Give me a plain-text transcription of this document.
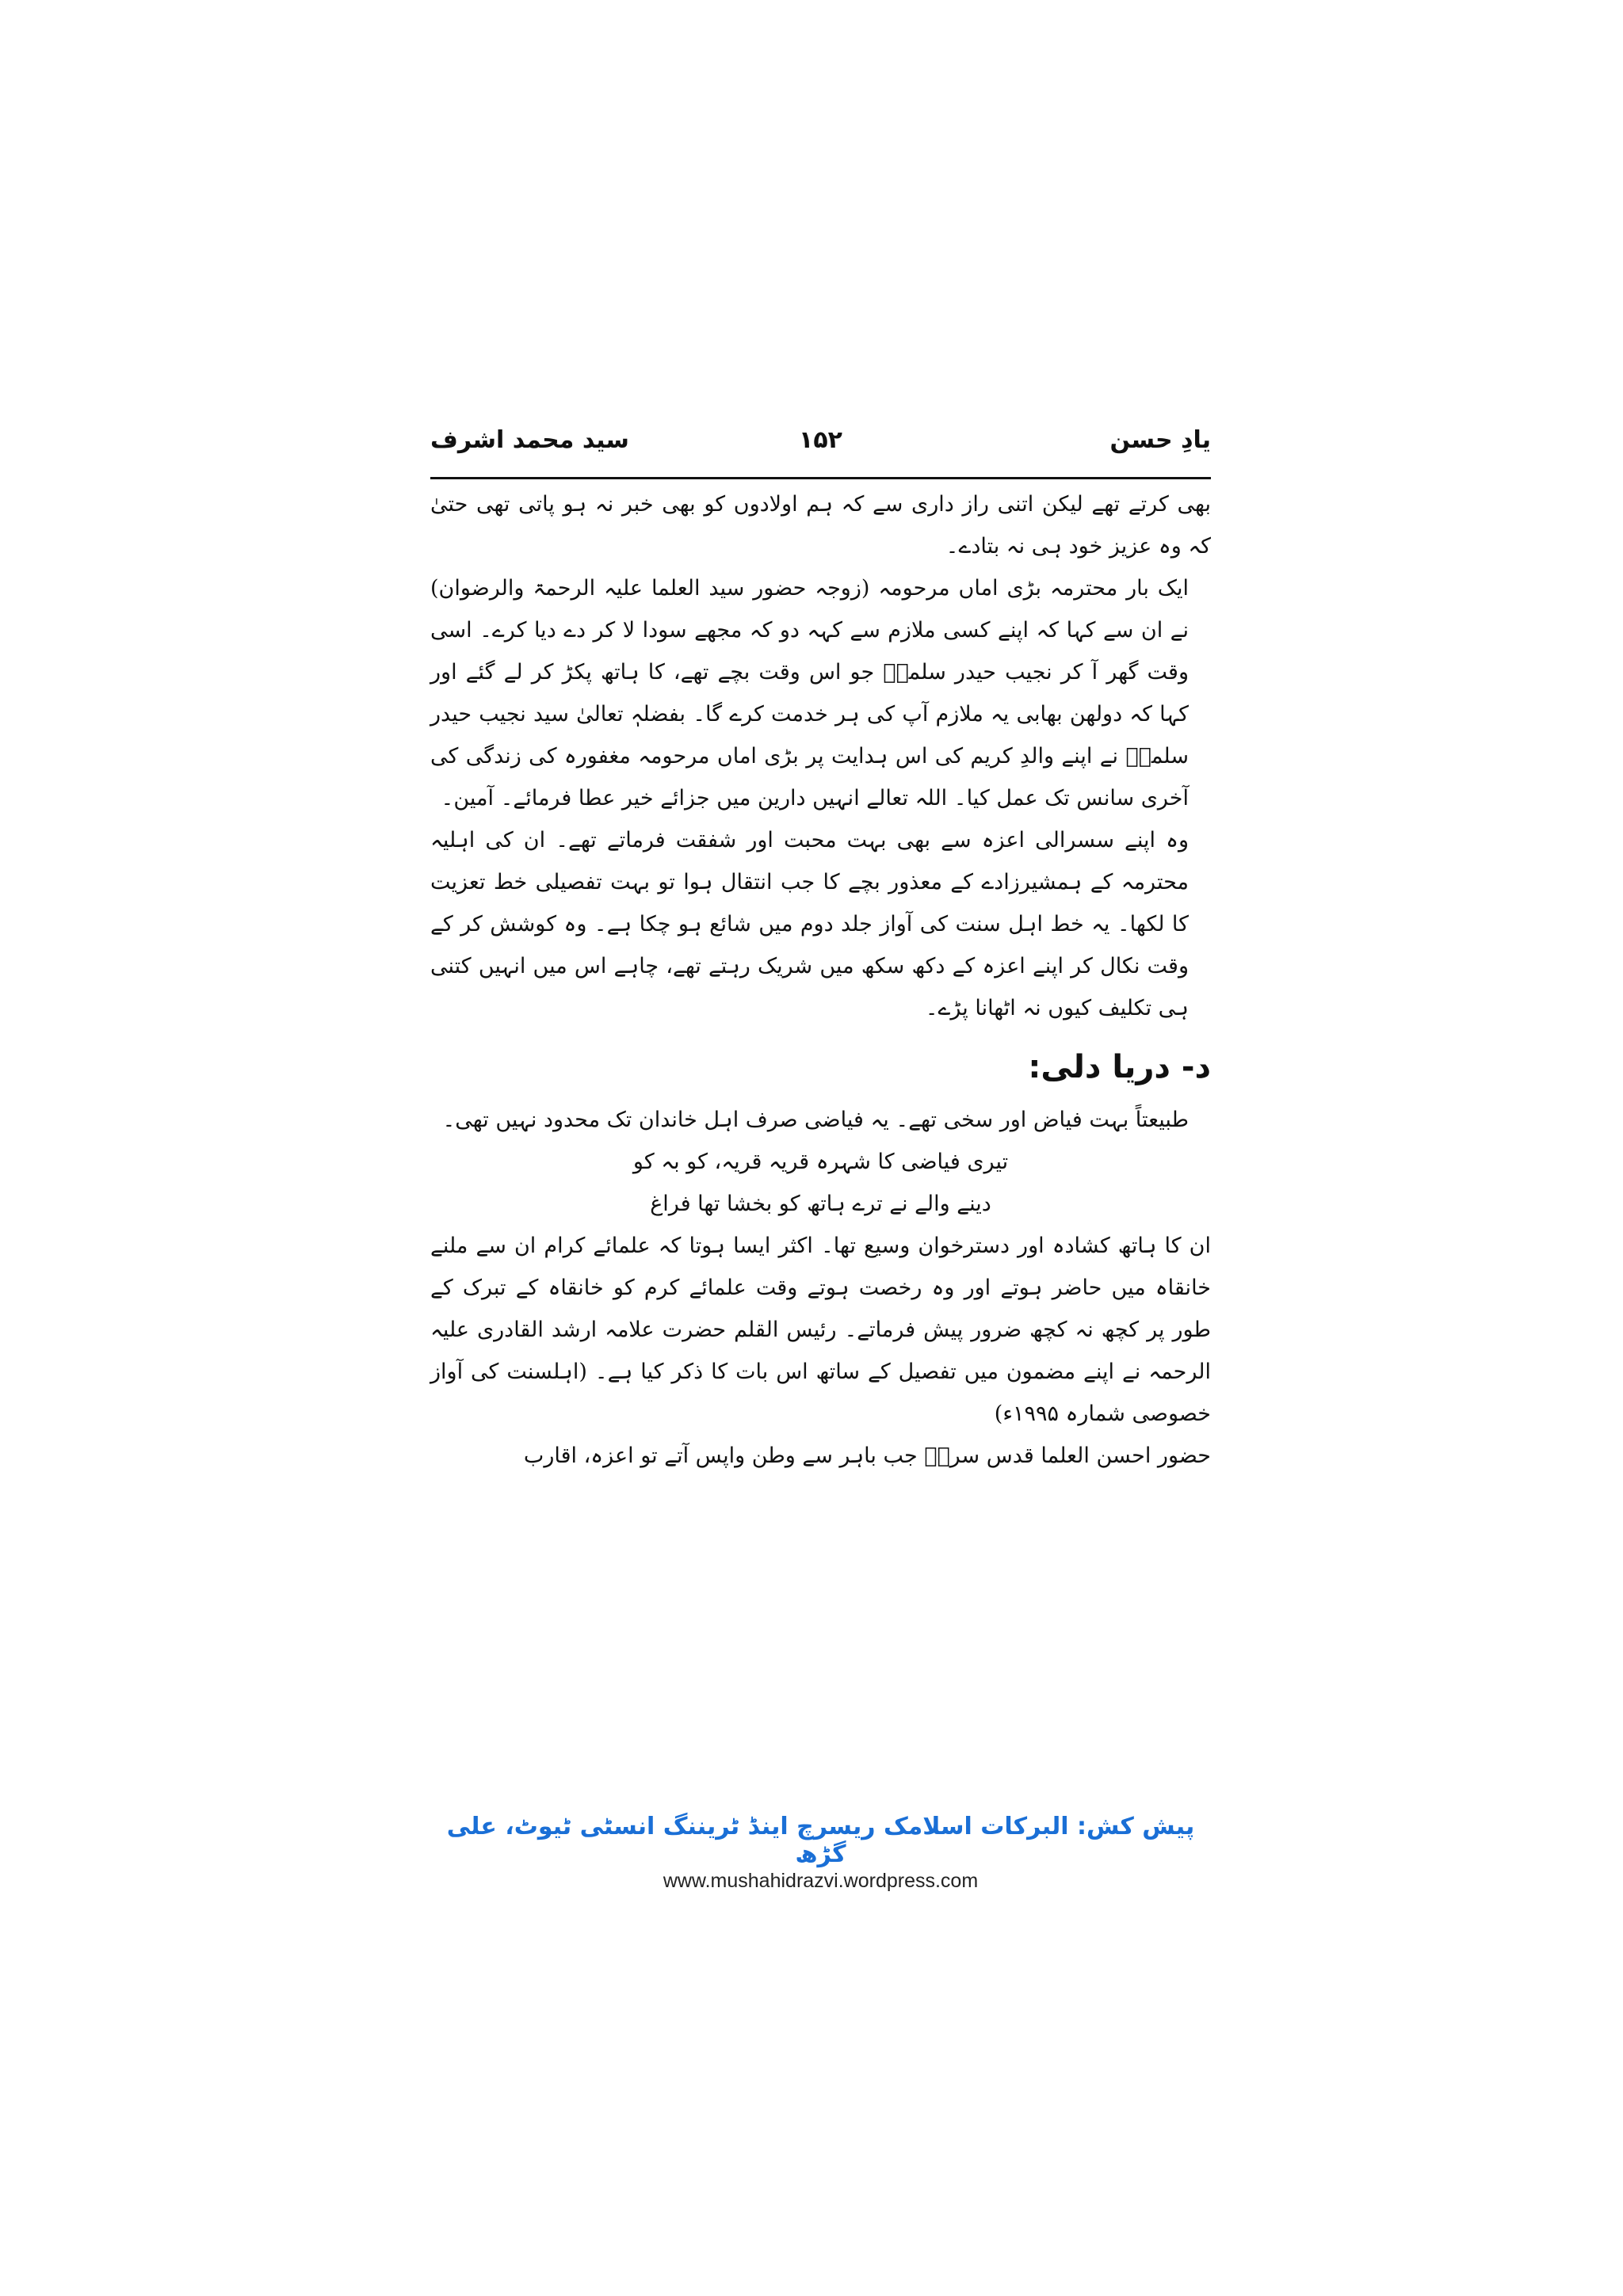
یادِ حسن
۱۵۲
سید محمد اشرف

بھی کرتے تھے لیکن اتنی راز داری سے کہ ہم اولادوں کو بھی خبر نہ ہو پاتی تھی حتیٰ کہ وہ عزیز خود ہی نہ بتادے۔

ایک بار محترمہ بڑی اماں مرحومہ (زوجہ حضور سید العلما علیہ الرحمۃ والرضوان) نے ان سے کہا کہ اپنے کسی ملازم سے کہہ دو کہ مجھے سودا لا کر دے دیا کرے۔ اسی وقت گھر آ کر نجیب حیدر سلمہٗ جو اس وقت بچے تھے، کا ہاتھ پکڑ کر لے گئے اور کہا کہ دولھن بھابی یہ ملازم آپ کی ہر خدمت کرے گا۔ بفضلہٖ تعالیٰ سید نجیب حیدر سلمہٗ نے اپنے والدِ کریم کی اس ہدایت پر بڑی اماں مرحومہ مغفورہ کی زندگی کی آخری سانس تک عمل کیا۔ اللہ تعالے انہیں دارین میں جزائے خیر عطا فرمائے۔ آمین۔

وہ اپنے سسرالی اعزہ سے بھی بہت محبت اور شفقت فرماتے تھے۔ ان کی اہلیہ محترمہ کے ہمشیرزادے کے معذور بچے کا جب انتقال ہوا تو بہت تفصیلی خط تعزیت کا لکھا۔ یہ خط اہل سنت کی آواز جلد دوم میں شائع ہو چکا ہے۔ وہ کوشش کر کے وقت نکال کر اپنے اعزہ کے دکھ سکھ میں شریک رہتے تھے، چاہے اس میں انہیں کتنی ہی تکلیف کیوں نہ اٹھانا پڑے۔

د- دریا دلی:

طبیعتاً بہت فیاض اور سخی تھے۔ یہ فیاضی صرف اہل خاندان تک محدود نہیں تھی۔

تیری فیاضی کا شہرہ قریہ قریہ، کو بہ کو
دینے والے نے ترے ہاتھ کو بخشا تھا فراغ

ان کا ہاتھ کشادہ اور دسترخوان وسیع تھا۔ اکثر ایسا ہوتا کہ علمائے کرام ان سے ملنے خانقاہ میں حاضر ہوتے اور وہ رخصت ہوتے وقت علمائے کرم کو خانقاہ کے تبرک کے طور پر کچھ نہ کچھ ضرور پیش فرماتے۔ رئیس القلم حضرت علامہ ارشد القادری علیہ الرحمہ نے اپنے مضمون میں تفصیل کے ساتھ اس بات کا ذکر کیا ہے۔ (اہلسنت کی آواز خصوصی شمارہ ۱۹۹۵ء)

حضور احسن العلما قدس سرہٗ جب باہر سے وطن واپس آتے تو اعزہ، اقارب

پیش کش: البرکات اسلامک ریسرچ اینڈ ٹریننگ انسٹی ٹیوٹ، علی گڑھ
www.mushahidrazvi.wordpress.com
